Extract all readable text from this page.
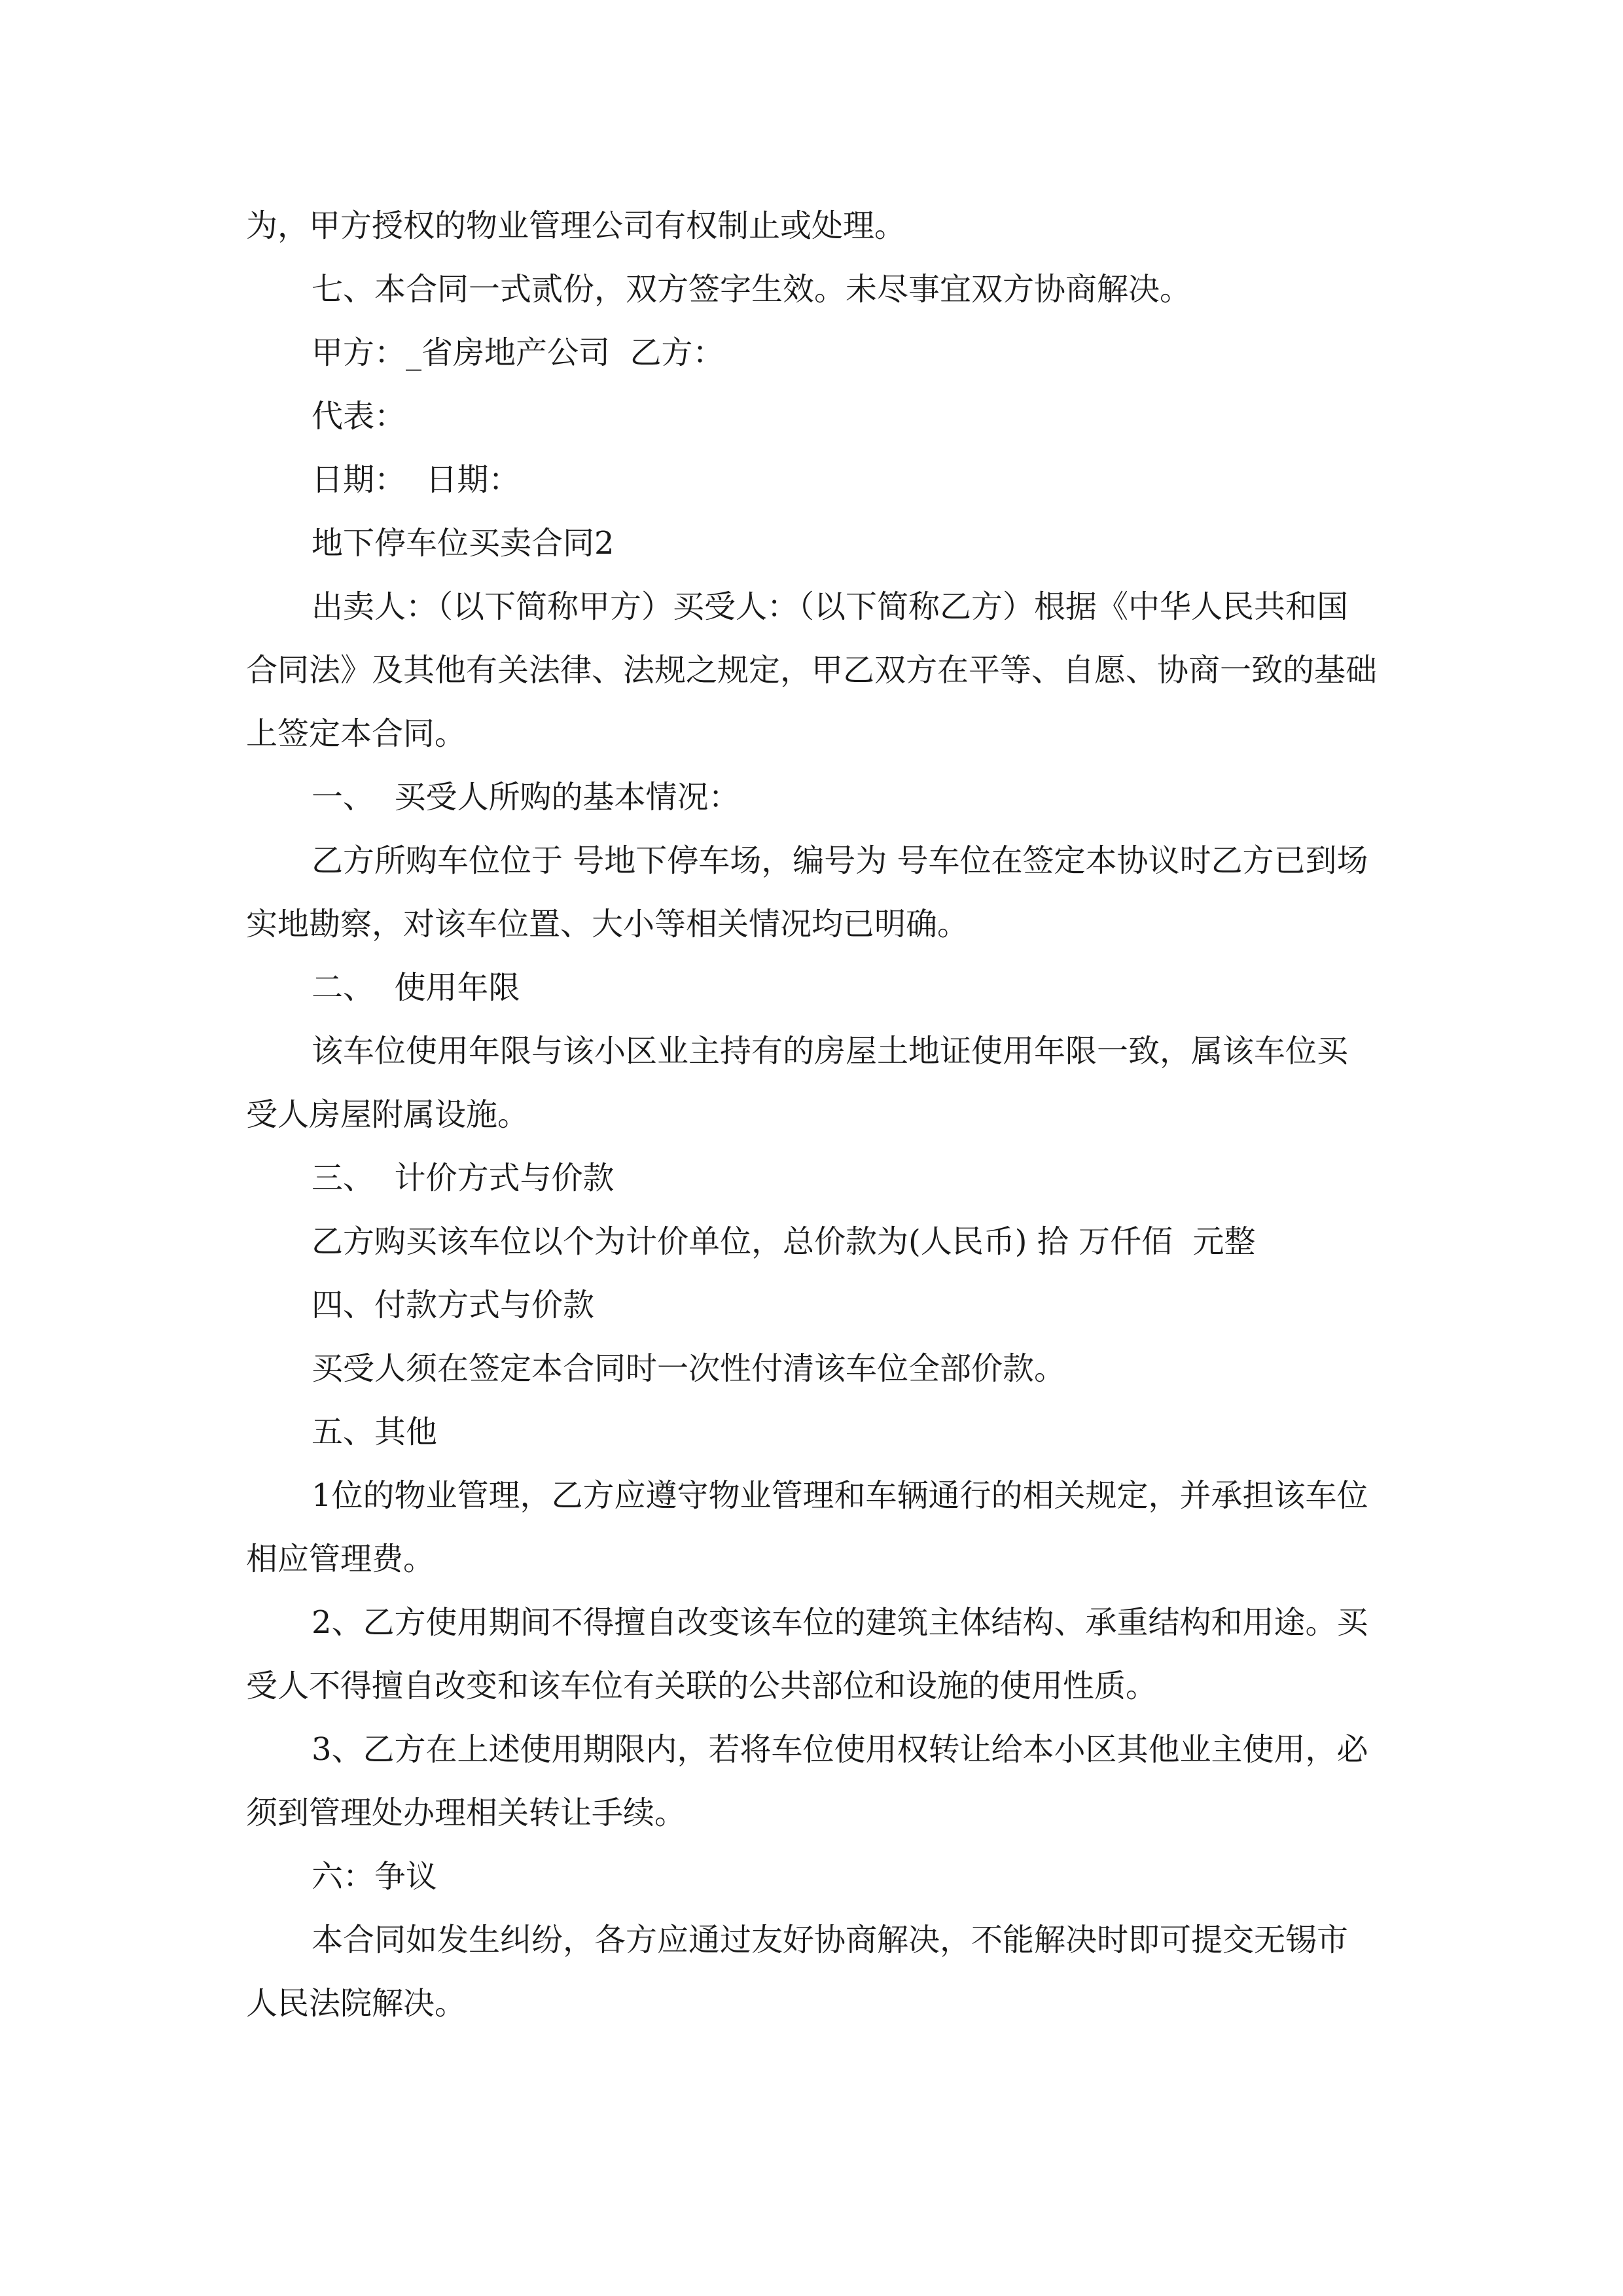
为，甲方授权的物业管理公司有权制止或处理。

七、本合同一式贰份，双方签字生效。未尽事宜双方协商解决。

甲方：_省房地产公司  乙方：

代表：

日期：  日期：

地下停车位买卖合同2

出卖人：（以下简称甲方）买受人：（以下简称乙方）根据《中华人民共和国合同法》及其他有关法律、法规之规定，甲乙双方在平等、自愿、协商一致的基础上签定本合同。

一、  买受人所购的基本情况：

乙方所购车位位于 号地下停车场，编号为 号车位在签定本协议时乙方已到场实地勘察，对该车位置、大小等相关情况均已明确。

二、  使用年限

该车位使用年限与该小区业主持有的房屋土地证使用年限一致，属该车位买受人房屋附属设施。

三、  计价方式与价款

乙方购买该车位以个为计价单位，总价款为(人民币) 拾 万仟佰  元整

四、付款方式与价款

买受人须在签定本合同时一次性付清该车位全部价款。

五、其他

1位的物业管理，乙方应遵守物业管理和车辆通行的相关规定，并承担该车位相应管理费。

2、乙方使用期间不得擅自改变该车位的建筑主体结构、承重结构和用途。买受人不得擅自改变和该车位有关联的公共部位和设施的使用性质。

3、乙方在上述使用期限内，若将车位使用权转让给本小区其他业主使用，必须到管理处办理相关转让手续。

六：争议

本合同如发生纠纷，各方应通过友好协商解决，不能解决时即可提交无锡市人民法院解决。
